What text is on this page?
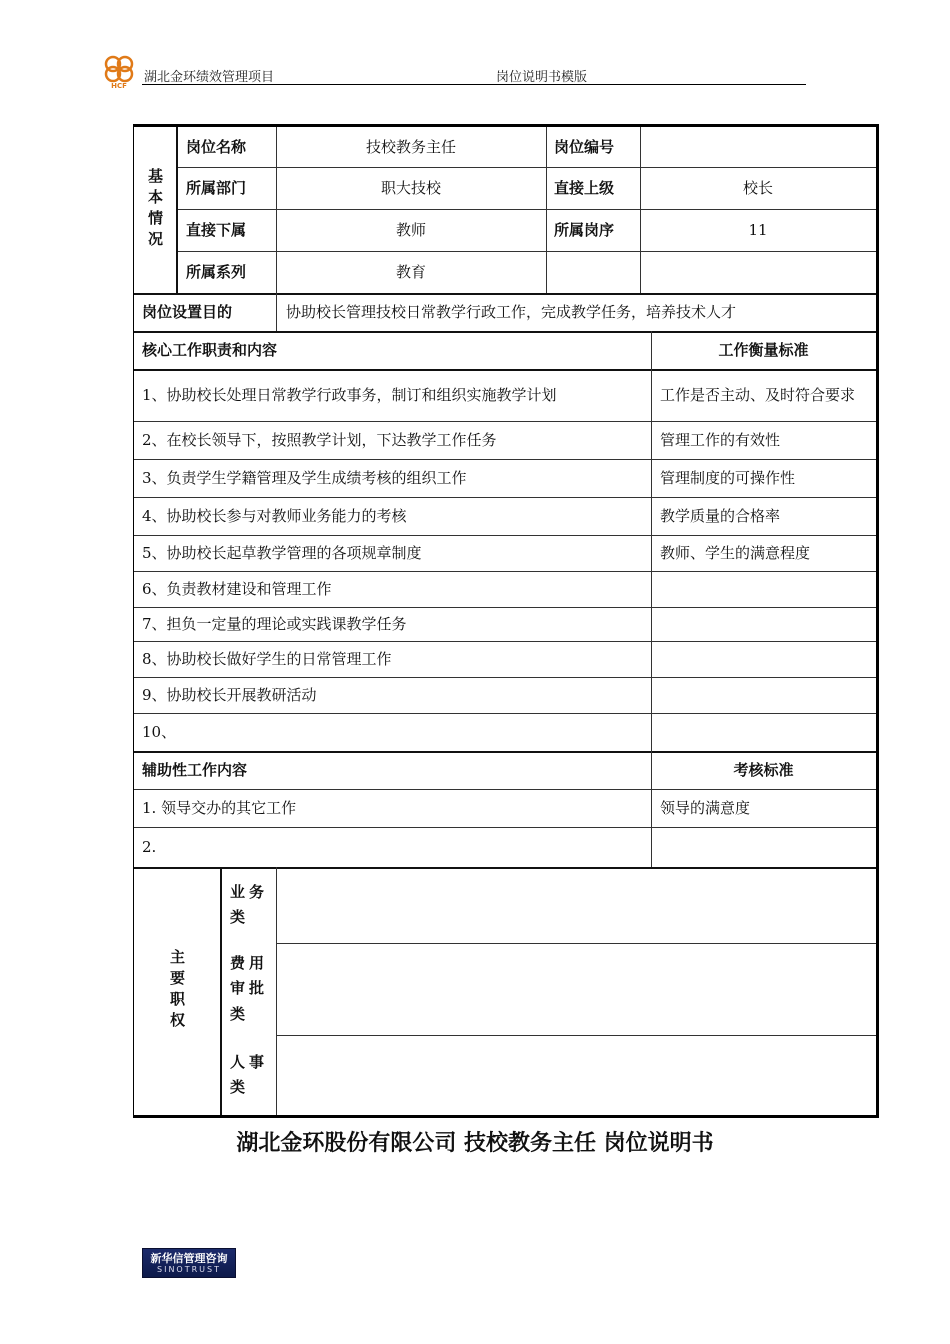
HCF
湖北金环绩效管理项目	岗位说明书模版
基本情况
岗位名称	技校教务主任	岗位编号
所属部门	职大技校	直接上级	校长
直接下属	教师	所属岗序	11
所属系列	教育
岗位设置目的	协助校长管理技校日常教学行政工作，完成教学任务，培养技术人才
核心工作职责和内容	工作衡量标准
1、协助校长处理日常教学行政事务，制订和组织实施教学计划	工作是否主动、及时符合要求
2、在校长领导下，按照教学计划，下达教学工作任务	管理工作的有效性
3、负责学生学籍管理及学生成绩考核的组织工作	管理制度的可操作性
4、协助校长参与对教师业务能力的考核	教学质量的合格率
5、协助校长起草教学管理的各项规章制度	教师、学生的满意程度
6、负责教材建设和管理工作
7、担负一定量的理论或实践课教学任务
8、协助校长做好学生的日常管理工作
9、协助校长开展教研活动
10、
辅助性工作内容	考核标准
1. 领导交办的其它工作	领导的满意度
2.
主要职权
业务类
费用审批类
人事类
湖北金环股份有限公司 技校教务主任 岗位说明书
新华信管理咨询
SINOTRUST
